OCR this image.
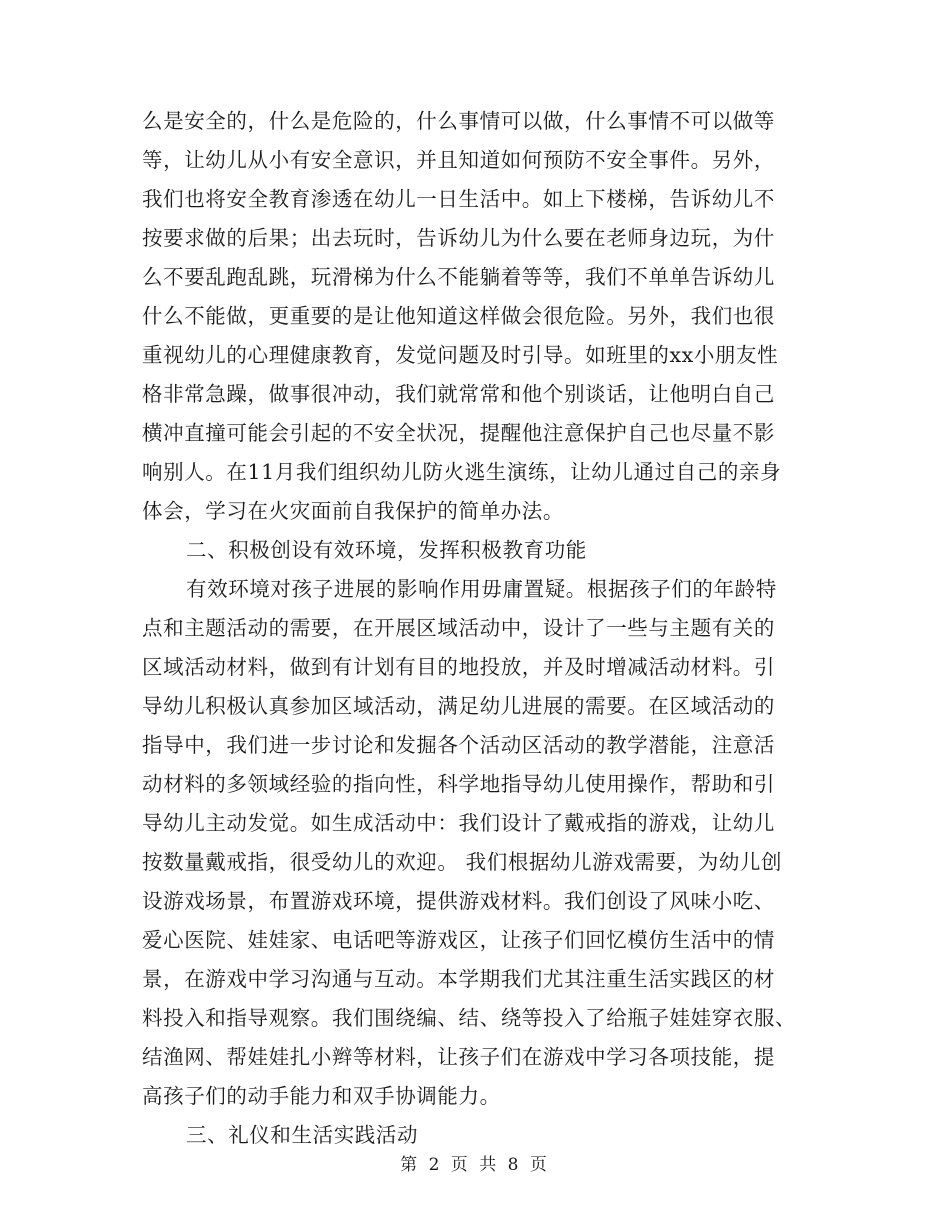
么是安全的，什么是危险的，什么事情可以做，什么事情不可以做等
等，让幼儿从小有安全意识，并且知道如何预防不安全事件。另外，
我们也将安全教育渗透在幼儿一日生活中。如上下楼梯，告诉幼儿不
按要求做的后果；出去玩时，告诉幼儿为什么要在老师身边玩，为什
么不要乱跑乱跳，玩滑梯为什么不能躺着等等，我们不单单告诉幼儿
什么不能做，更重要的是让他知道这样做会很危险。另外，我们也很
重视幼儿的心理健康教育，发觉问题及时引导。如班里的xx小朋友性
格非常急躁，做事很冲动，我们就常常和他个别谈话，让他明白自己
横冲直撞可能会引起的不安全状况，提醒他注意保护自己也尽量不影
响别人。在11月我们组织幼儿防火逃生演练，让幼儿通过自己的亲身
体会，学习在火灾面前自我保护的简单办法。
二、积极创设有效环境，发挥积极教育功能
有效环境对孩子进展的影响作用毋庸置疑。根据孩子们的年龄特
点和主题活动的需要，在开展区域活动中，设计了一些与主题有关的
区域活动材料，做到有计划有目的地投放，并及时增减活动材料。引
导幼儿积极认真参加区域活动，满足幼儿进展的需要。在区域活动的
指导中，我们进一步讨论和发掘各个活动区活动的教学潜能，注意活
动材料的多领域经验的指向性，科学地指导幼儿使用操作，帮助和引
导幼儿主动发觉。如生成活动中：我们设计了戴戒指的游戏，让幼儿
按数量戴戒指，很受幼儿的欢迎。 我们根据幼儿游戏需要，为幼儿创
设游戏场景，布置游戏环境，提供游戏材料。我们创设了风味小吃、
爱心医院、娃娃家、电话吧等游戏区，让孩子们回忆模仿生活中的情
景，在游戏中学习沟通与互动。本学期我们尤其注重生活实践区的材
料投入和指导观察。我们围绕编、结、绕等投入了给瓶子娃娃穿衣服、
结渔网、帮娃娃扎小辫等材料，让孩子们在游戏中学习各项技能，提
高孩子们的动手能力和双手协调能力。
三、礼仪和生活实践活动
第 2 页 共 8 页
